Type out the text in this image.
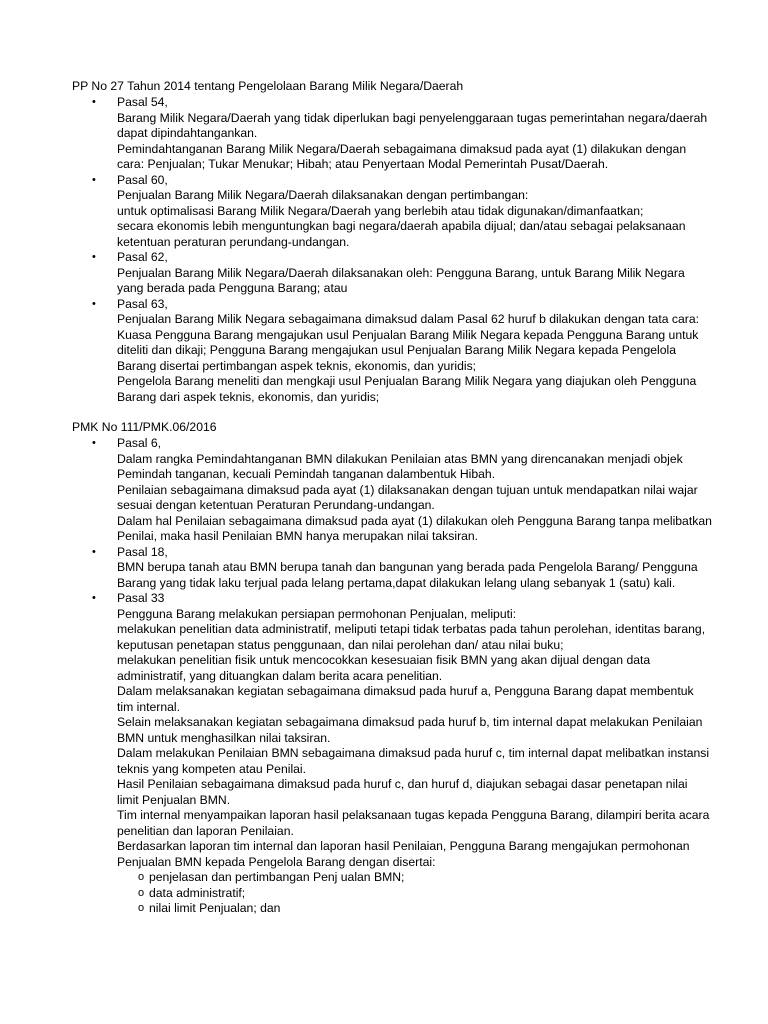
PP No 27 Tahun 2014 tentang Pengelolaan Barang Milik Negara/Daerah
• Pasal 54,
Barang Milik Negara/Daerah yang tidak diperlukan bagi penyelenggaraan tugas pemerintahan negara/daerah dapat dipindahtangankan.
Pemindahtanganan Barang Milik Negara/Daerah sebagaimana dimaksud pada ayat (1) dilakukan dengan cara: Penjualan; Tukar Menukar; Hibah; atau Penyertaan Modal Pemerintah Pusat/Daerah.
• Pasal 60,
Penjualan Barang Milik Negara/Daerah dilaksanakan dengan pertimbangan:
untuk optimalisasi Barang Milik Negara/Daerah yang berlebih atau tidak digunakan/dimanfaatkan;
secara ekonomis lebih menguntungkan bagi negara/daerah apabila dijual; dan/atau sebagai pelaksanaan ketentuan peraturan perundang-undangan.
• Pasal 62,
Penjualan Barang Milik Negara/Daerah dilaksanakan oleh: Pengguna Barang, untuk Barang Milik Negara yang berada pada Pengguna Barang; atau
• Pasal 63,
Penjualan Barang Milik Negara sebagaimana dimaksud dalam Pasal 62 huruf b dilakukan dengan tata cara: Kuasa Pengguna Barang mengajukan usul Penjualan Barang Milik Negara kepada Pengguna Barang untuk diteliti dan dikaji; Pengguna Barang mengajukan usul Penjualan Barang Milik Negara kepada Pengelola Barang disertai pertimbangan aspek teknis, ekonomis, dan yuridis;
Pengelola Barang meneliti dan mengkaji usul Penjualan Barang Milik Negara yang diajukan oleh Pengguna Barang dari aspek teknis, ekonomis, dan yuridis;
PMK No 111/PMK.06/2016
• Pasal 6,
Dalam rangka Pemindahtanganan BMN dilakukan Penilaian atas BMN yang direncanakan menjadi objek Pemindah tanganan, kecuali Pemindah tanganan dalambentuk Hibah.
Penilaian sebagaimana dimaksud pada ayat (1) dilaksanakan dengan tujuan untuk mendapatkan nilai wajar sesuai dengan ketentuan Peraturan Perundang-undangan.
Dalam hal Penilaian sebagaimana dimaksud pada ayat (1) dilakukan oleh Pengguna Barang tanpa melibatkan Penilai, maka hasil Penilaian BMN hanya merupakan nilai taksiran.
• Pasal 18,
BMN berupa tanah atau BMN berupa tanah dan bangunan yang berada pada Pengelola Barang/ Pengguna Barang yang tidak laku terjual pada lelang pertama,dapat dilakukan lelang ulang sebanyak 1 (satu) kali.
• Pasal 33
Pengguna Barang melakukan persiapan permohonan Penjualan, meliputi:
melakukan penelitian data administratif, meliputi tetapi tidak terbatas pada tahun perolehan, identitas barang, keputusan penetapan status penggunaan, dan nilai perolehan dan/ atau nilai buku;
melakukan penelitian fisik untuk mencocokkan kesesuaian fisik BMN yang akan dijual dengan data administratif, yang dituangkan dalam berita acara penelitian.
Dalam melaksanakan kegiatan sebagaimana dimaksud pada huruf a, Pengguna Barang dapat membentuk tim internal.
Selain melaksanakan kegiatan sebagaimana dimaksud pada huruf b, tim internal dapat melakukan Penilaian BMN untuk menghasilkan nilai taksiran.
Dalam melakukan Penilaian BMN sebagaimana dimaksud pada huruf c, tim internal dapat melibatkan instansi teknis yang kompeten atau Penilai.
Hasil Penilaian sebagaimana dimaksud pada huruf c, dan huruf d, diajukan sebagai dasar penetapan nilai limit Penjualan BMN.
Tim internal menyampaikan laporan hasil pelaksanaan tugas kepada Pengguna Barang, dilampiri berita acara penelitian dan laporan Penilaian.
Berdasarkan laporan tim internal dan laporan hasil Penilaian, Pengguna Barang mengajukan permohonan Penjualan BMN kepada Pengelola Barang dengan disertai:
o penjelasan dan pertimbangan Penj ualan BMN;
o data administratif;
o nilai limit Penjualan; dan
